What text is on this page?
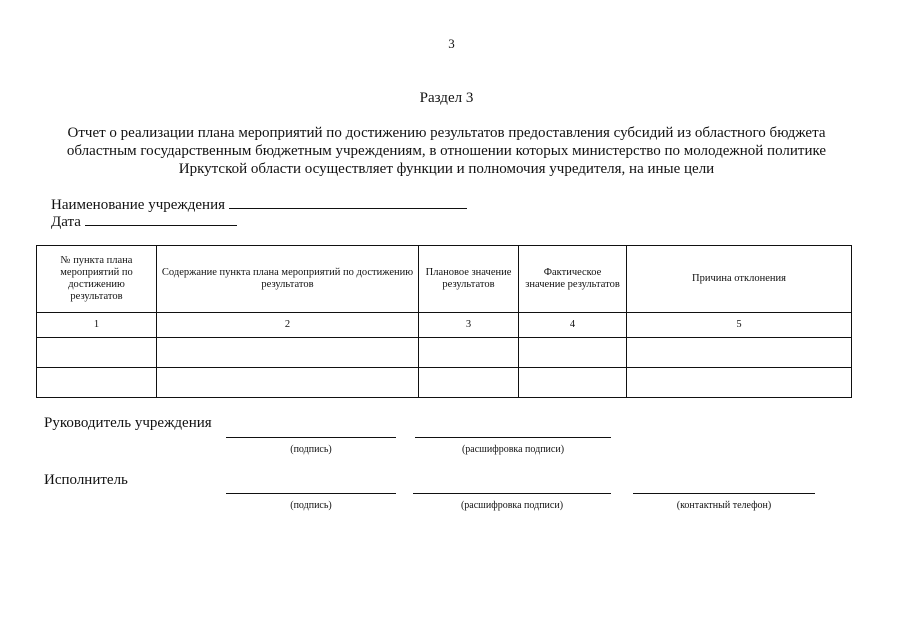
3
Раздел 3
Отчет о реализации плана мероприятий по достижению результатов предоставления субсидий из областного бюджета
областным государственным бюджетным учреждениям, в отношении которых министерство по молодежной политике
Иркутской области осуществляет функции и полномочия учредителя, на иные цели
Наименование учреждения
Дата
№ пункта плана мероприятий по достижению результатов	Содержание пункта плана мероприятий по достижению результатов	Плановое значение результатов	Фактическое значение результатов	Причина отклонения
1	2	3	4	5

Руководитель учреждения
(подпись)	(расшифровка подписи)
Исполнитель
(подпись)	(расшифровка подписи)	(контактный телефон)
